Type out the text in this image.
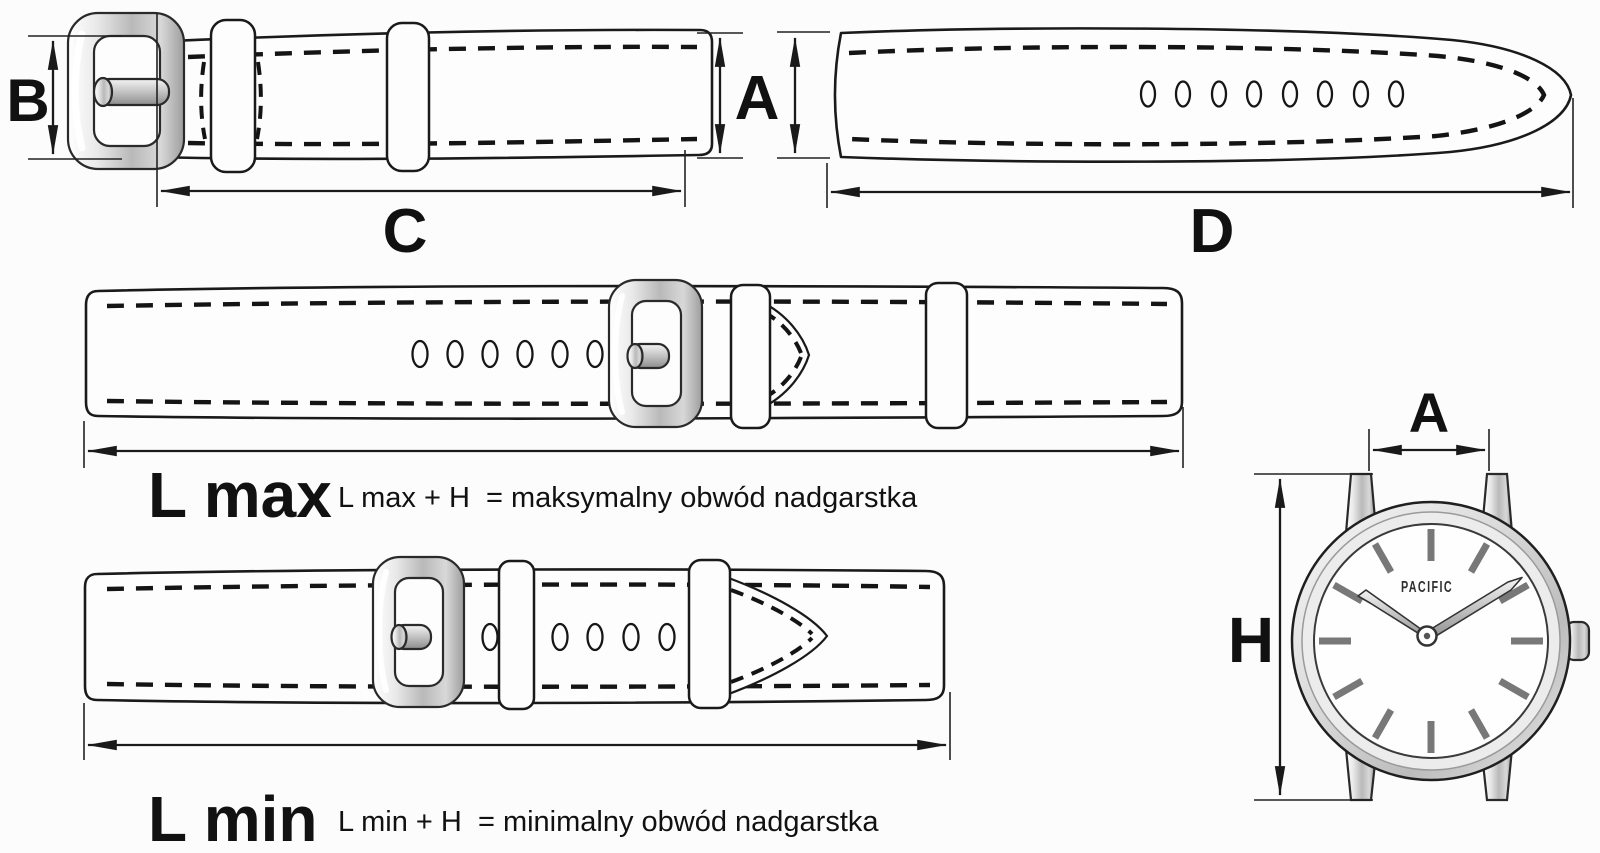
B
C
A
D
L max L max + H  = maksymalny obwód nadgarstka
L min L min + H  = minimalny obwód nadgarstka
PACIFIC
H
A
